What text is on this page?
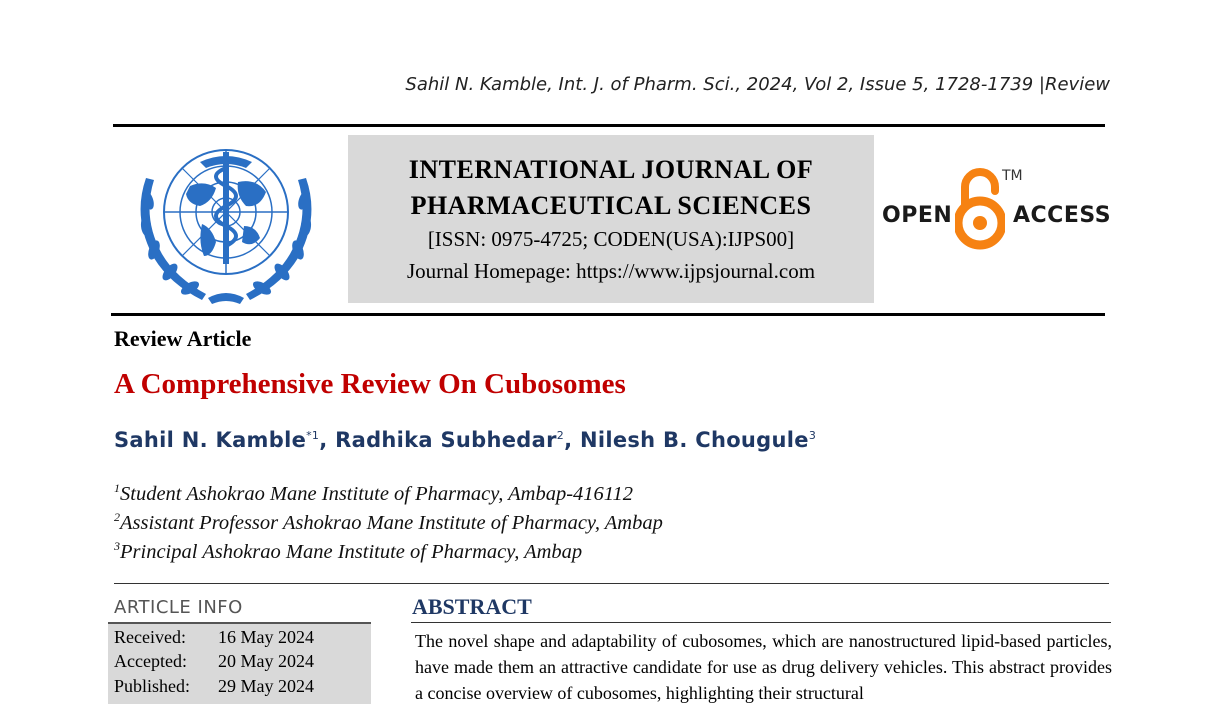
Sahil N. Kamble, Int. J. of Pharm. Sci., 2024, Vol 2, Issue 5, 1728-1739 |Review
INTERNATIONAL JOURNAL OF
PHARMACEUTICAL SCIENCES
[ISSN: 0975-4725; CODEN(USA):IJPS00]
Journal Homepage: https://www.ijpsjournal.com
OPEN
TM
ACCESS
Review Article
A Comprehensive Review On Cubosomes
Sahil N. Kamble$^{*1}$, Radhika Subhedar$^2$, Nilesh B. Chougule$^3$
$^1$Student Ashokrao Mane Institute of Pharmacy, Ambap-416112
$^2$Assistant Professor Ashokrao Mane Institute of Pharmacy, Ambap
$^3$Principal Ashokrao Mane Institute of Pharmacy, Ambap
ARTICLE INFO
Received: 16 May 2024
Accepted: 20 May 2024
Published: 29 May 2024
ABSTRACT
The novel shape and adaptability of cubosomes, which are nanostructured lipid-based particles, have made them an attractive candidate for use as drug delivery vehicles. This abstract provides a concise overview of cubosomes, highlighting their structural
